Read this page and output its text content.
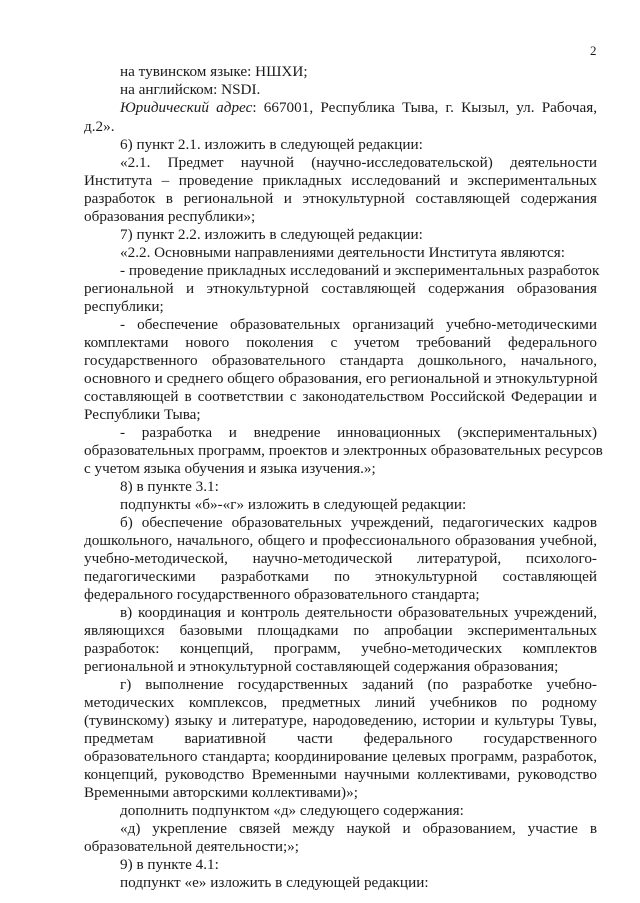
2
на тувинском языке: НШХИ;
на английском: NSDI.
Юридический адрес: 667001, Республика Тыва, г. Кызыл, ул. Рабочая,
д.2».
6) пункт 2.1. изложить в следующей редакции:
«2.1. Предмет научной (научно-исследовательской) деятельности
Института – проведение прикладных исследований и экспериментальных
разработок в региональной и этнокультурной составляющей содержания
образования республики»;
7) пункт 2.2. изложить в следующей редакции:
«2.2. Основными направлениями деятельности Института являются:
- проведение прикладных исследований и экспериментальных разработок
региональной и этнокультурной составляющей содержания образования
республики;
- обеспечение образовательных организаций учебно-методическими
комплектами нового поколения с учетом требований федерального
государственного образовательного стандарта дошкольного, начального,
основного и среднего общего образования, его региональной и этнокультурной
составляющей в соответствии с законодательством Российской Федерации и
Республики Тыва;
- разработка и внедрение инновационных (экспериментальных)
образовательных программ, проектов и электронных образовательных ресурсов
с учетом языка обучения и языка изучения.»;
8) в пункте 3.1:
подпункты «б»-«г» изложить в следующей редакции:
б) обеспечение образовательных учреждений, педагогических кадров
дошкольного, начального, общего и профессионального образования учебной,
учебно-методической, научно-методической литературой, психолого-
педагогическими разработками по этнокультурной составляющей
федерального государственного образовательного стандарта;
в) координация и контроль деятельности образовательных учреждений,
являющихся базовыми площадками по апробации экспериментальных
разработок: концепций, программ, учебно-методических комплектов
региональной и этнокультурной составляющей содержания образования;
г) выполнение государственных заданий (по разработке учебно-
методических комплексов, предметных линий учебников по родному
(тувинскому) языку и литературе, народоведению, истории и культуры Тувы,
предметам вариативной части федерального государственного
образовательного стандарта; координирование целевых программ, разработок,
концепций, руководство Временными научными коллективами, руководство
Временными авторскими коллективами)»;
дополнить подпунктом «д» следующего содержания:
«д) укрепление связей между наукой и образованием, участие в
образовательной деятельности;»;
9) в пункте 4.1:
подпункт «е» изложить в следующей редакции:
